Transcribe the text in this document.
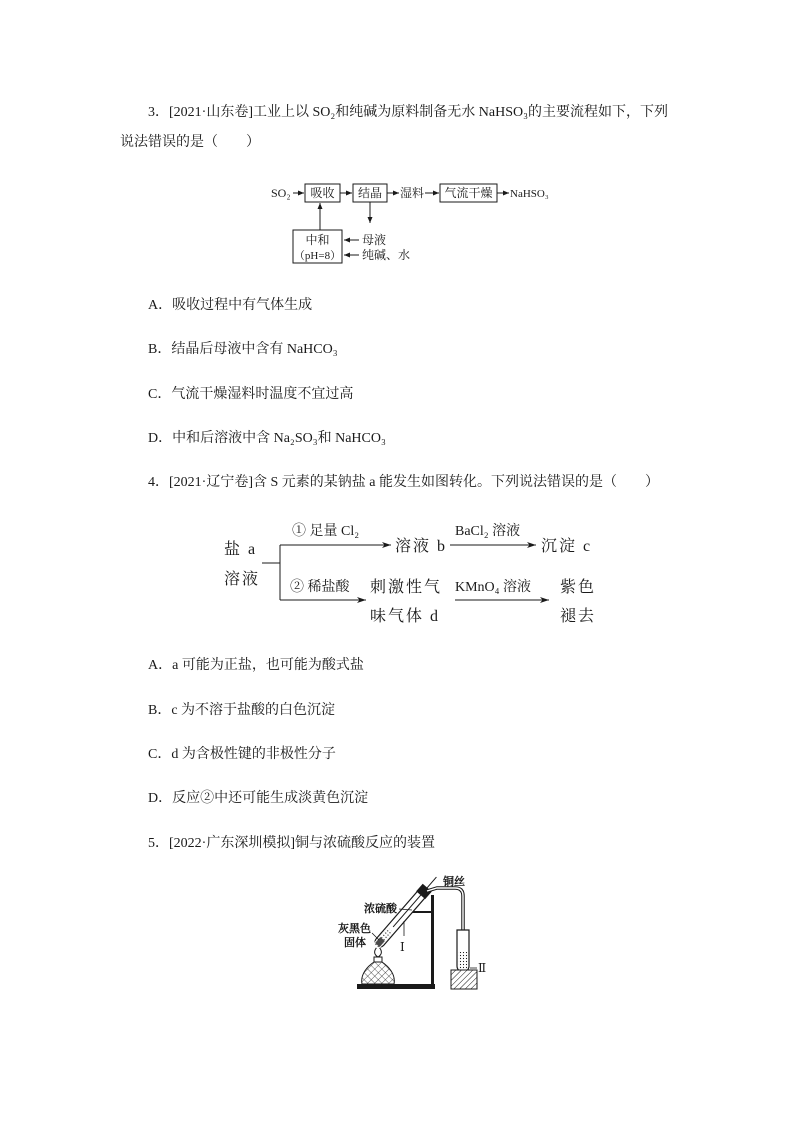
3．[2021·山东卷]工业上以 SO₂和纯碱为原料制备无水 NaHSO₃的主要流程如下，下列
说法错误的是（　　）
SO₂ 吸收 结晶 湿料 气流干燥 NaHSO₃
中和
（pH=8）
母液
纯碱、水
A．吸收过程中有气体生成
B．结晶后母液中含有 NaHCO₃
C．气流干燥湿料时温度不宜过高
D．中和后溶液中含 Na₂SO₃和 NaHCO₃
4．[2021·辽宁卷]含 S 元素的某钠盐 a 能发生如图转化。下列说法错误的是（　　）
盐 a
溶液
① 足量 Cl₂
溶液 b
BaCl₂ 溶液
沉淀 c
② 稀盐酸 刺激性气
味气体 d
KMnO₄ 溶液 紫色
褪去
A．a 可能为正盐，也可能为酸式盐
B．c 为不溶于盐酸的白色沉淀
C．d 为含极性键的非极性分子
D．反应②中还可能生成淡黄色沉淀
5．[2022·广东深圳模拟]铜与浓硫酸反应的装置
铜丝
浓硫酸
灰黑色
固体	Ⅰ
Ⅱ
